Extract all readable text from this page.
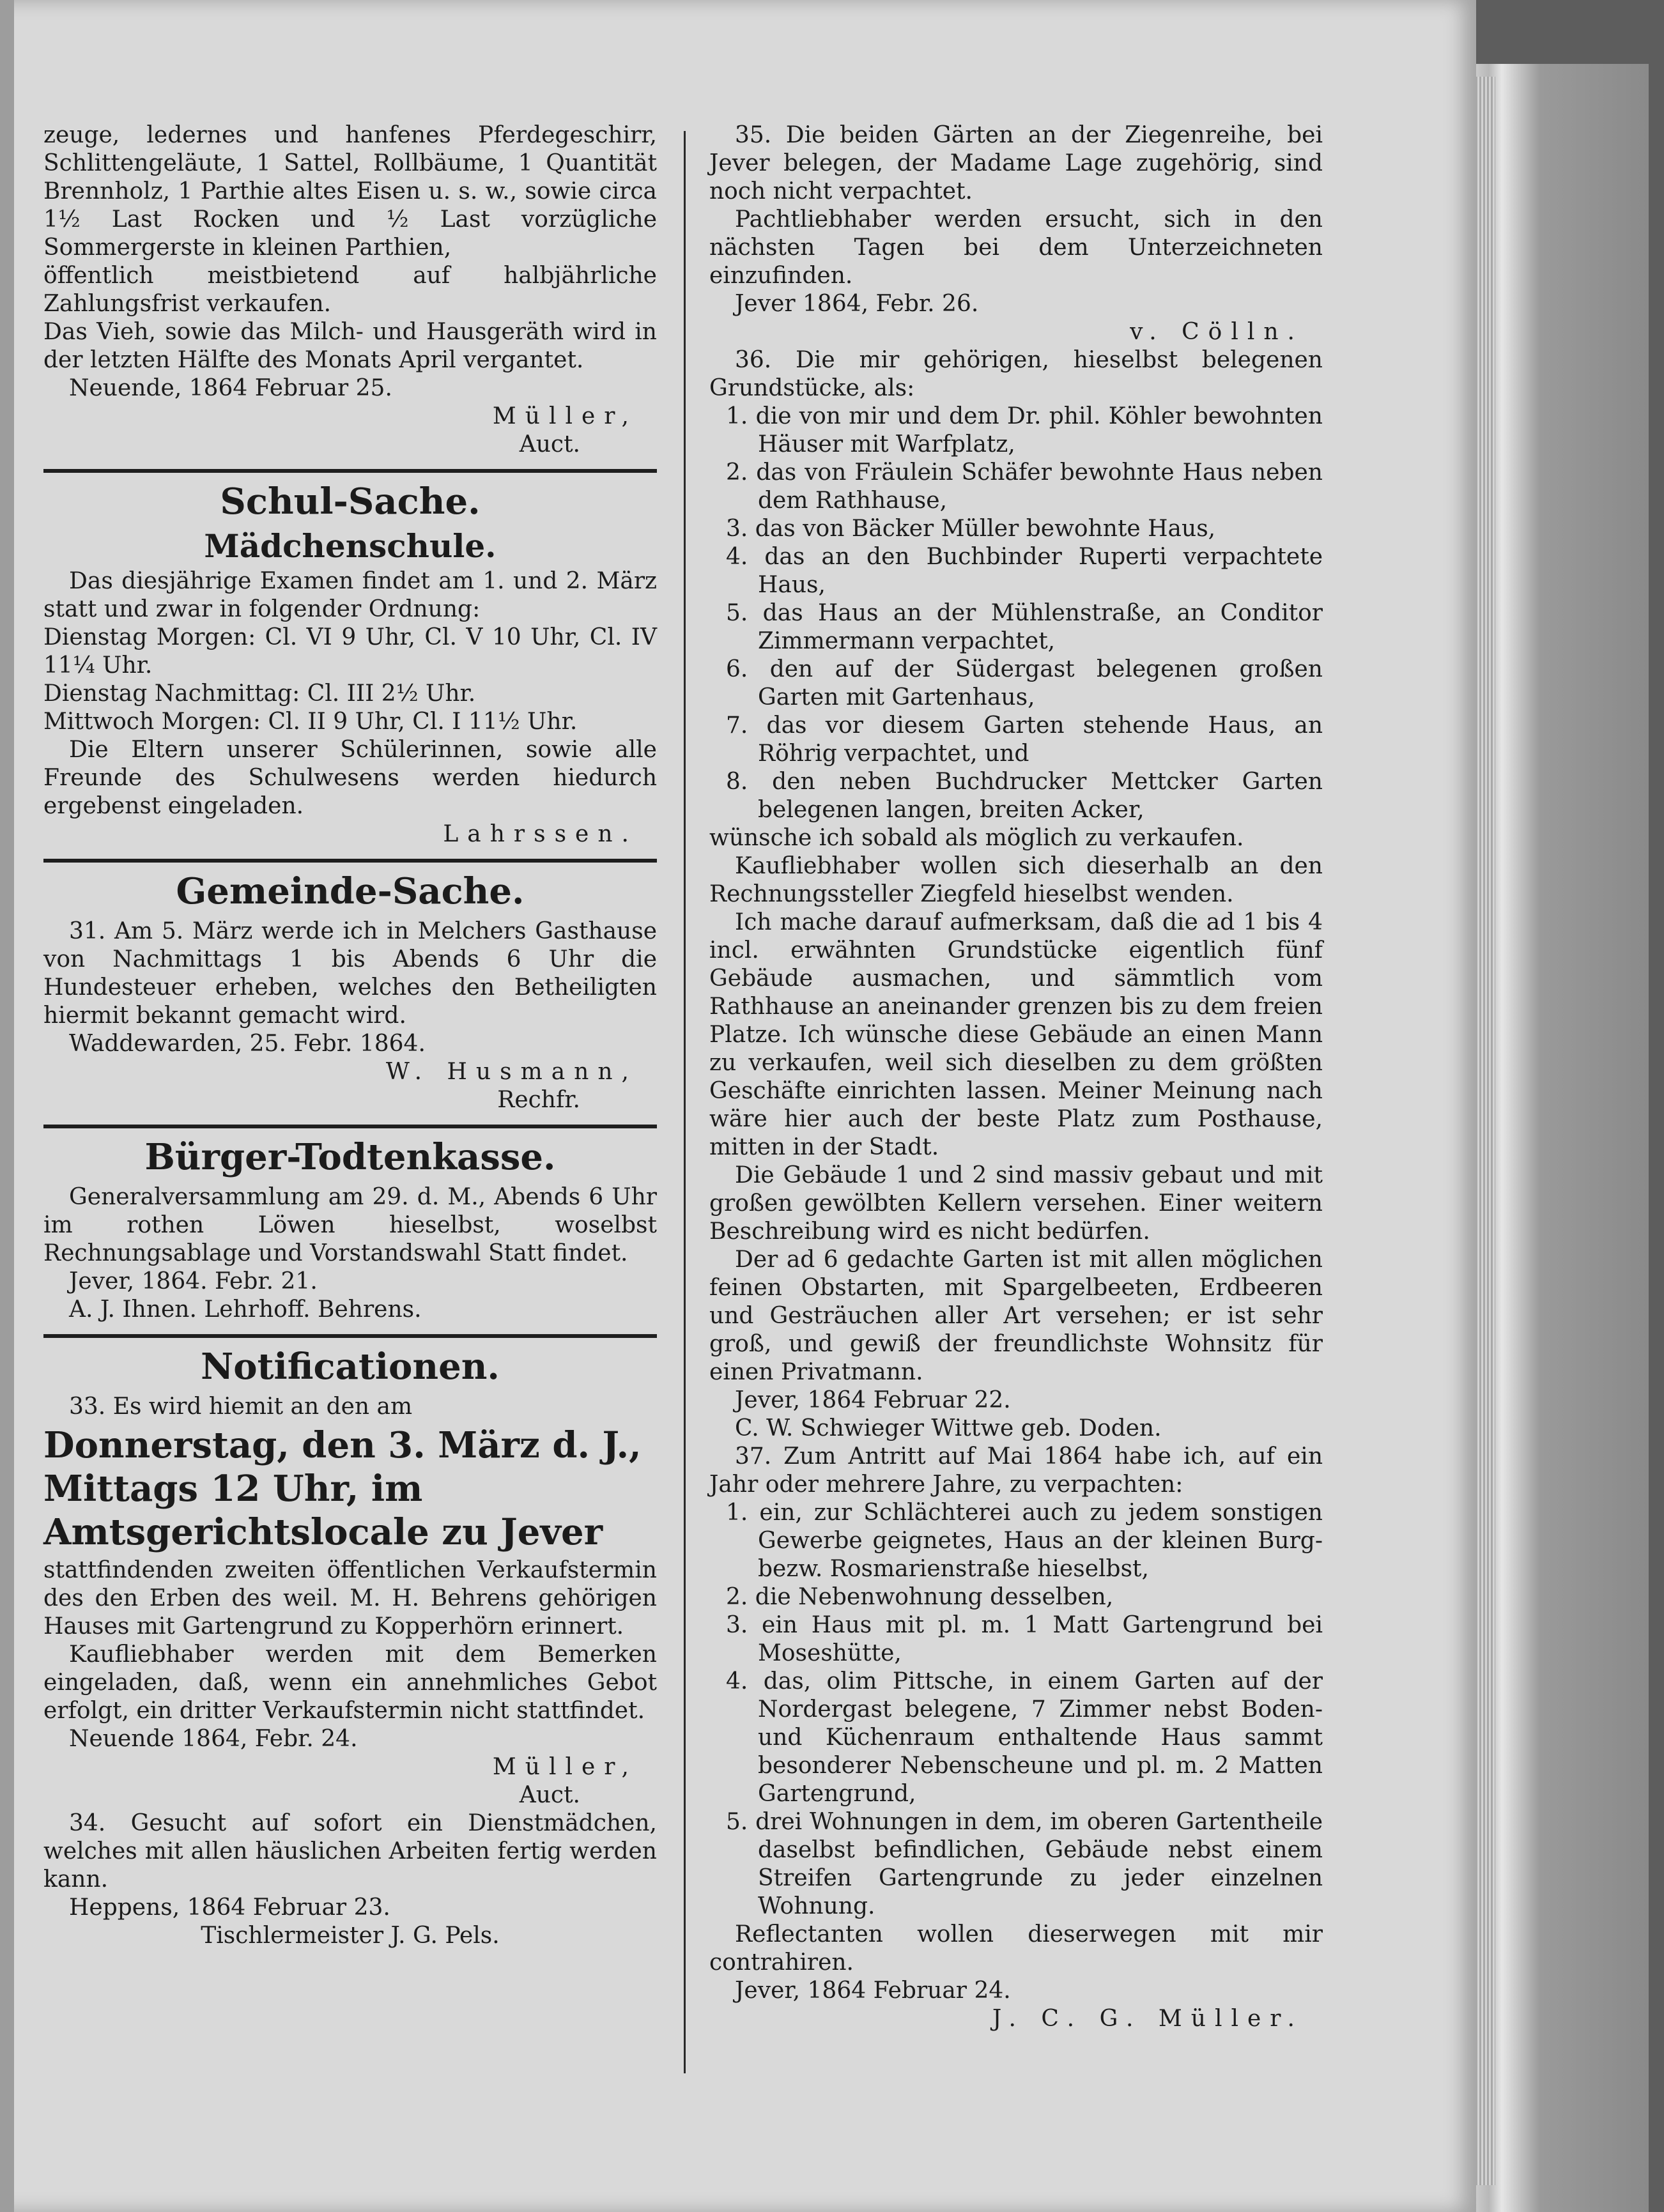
zeuge, ledernes und hanfenes Pferdegeschirr, Schlittengeläute, 1 Sattel, Rollbäume, 1 Quantität Brennholz, 1 Parthie altes Eisen u. s. w., sowie circa 1½ Last Rocken und ½ Last vorzügliche Sommergerste in kleinen Parthien,

öffentlich meistbietend auf halbjährliche Zahlungsfrist verkaufen.

Das Vieh, sowie das Milch- und Hausgeräth wird in der letzten Hälfte des Monats April vergantet.

Neuende, 1864 Februar 25.

Müller,

Auct.

Schul-Sache.
Mädchenschule.

Das diesjährige Examen findet am 1. und 2. März statt und zwar in folgender Ordnung:

Dienstag Morgen: Cl. VI 9 Uhr, Cl. V 10 Uhr, Cl. IV 11¼ Uhr.

Dienstag Nachmittag: Cl. III 2½ Uhr.

Mittwoch Morgen: Cl. II 9 Uhr, Cl. I 11½ Uhr.

Die Eltern unserer Schülerinnen, sowie alle Freunde des Schulwesens werden hiedurch ergebenst eingeladen.

Lahrssen.

Gemeinde-Sache.

31. Am 5. März werde ich in Melchers Gasthause von Nachmittags 1 bis Abends 6 Uhr die Hundesteuer erheben, welches den Betheiligten hiermit bekannt gemacht wird.

Waddewarden, 25. Febr. 1864.

W. Husmann,

Rechfr.

Bürger-Todtenkasse.

Generalversammlung am 29. d. M., Abends 6 Uhr im rothen Löwen hieselbst, woselbst Rechnungsablage und Vorstandswahl Statt findet.

Jever, 1864. Febr. 21.

A. J. Ihnen. Lehrhoff. Behrens.

Notificationen.

33. Es wird hiemit an den am

Donnerstag, den 3. März d. J., Mittags 12 Uhr, im Amtsgerichtslocale zu Jever

stattfindenden zweiten öffentlichen Verkaufstermin des den Erben des weil. M. H. Behrens gehörigen Hauses mit Gartengrund zu Kopperhörn erinnert.

Kaufliebhaber werden mit dem Bemerken eingeladen, daß, wenn ein annehmliches Gebot erfolgt, ein dritter Verkaufstermin nicht stattfindet.

Neuende 1864, Febr. 24.

Müller,

Auct.

34. Gesucht auf sofort ein Dienstmädchen, welches mit allen häuslichen Arbeiten fertig werden kann.

Heppens, 1864 Februar 23.

Tischlermeister J. G. Pels.

35. Die beiden Gärten an der Ziegenreihe, bei Jever belegen, der Madame Lage zugehörig, sind noch nicht verpachtet.

Pachtliebhaber werden ersucht, sich in den nächsten Tagen bei dem Unterzeichneten einzufinden.

Jever 1864, Febr. 26.

v. Cölln.

36. Die mir gehörigen, hieselbst belegenen Grundstücke, als:

1. die von mir und dem Dr. phil. Köhler bewohnten Häuser mit Warfplatz,

2. das von Fräulein Schäfer bewohnte Haus neben dem Rathhause,

3. das von Bäcker Müller bewohnte Haus,

4. das an den Buchbinder Ruperti verpachtete Haus,

5. das Haus an der Mühlenstraße, an Conditor Zimmermann verpachtet,

6. den auf der Südergast belegenen großen Garten mit Gartenhaus,

7. das vor diesem Garten stehende Haus, an Röhrig verpachtet, und

8. den neben Buchdrucker Mettcker Garten belegenen langen, breiten Acker,

wünsche ich sobald als möglich zu verkaufen.

Kaufliebhaber wollen sich dieserhalb an den Rechnungssteller Ziegfeld hieselbst wenden.

Ich mache darauf aufmerksam, daß die ad 1 bis 4 incl. erwähnten Grundstücke eigentlich fünf Gebäude ausmachen, und sämmtlich vom Rathhause an aneinander grenzen bis zu dem freien Platze. Ich wünsche diese Gebäude an einen Mann zu verkaufen, weil sich dieselben zu dem größten Geschäfte einrichten lassen. Meiner Meinung nach wäre hier auch der beste Platz zum Posthause, mitten in der Stadt.

Die Gebäude 1 und 2 sind massiv gebaut und mit großen gewölbten Kellern versehen. Einer weitern Beschreibung wird es nicht bedürfen.

Der ad 6 gedachte Garten ist mit allen möglichen feinen Obstarten, mit Spargelbeeten, Erdbeeren und Gesträuchen aller Art versehen; er ist sehr groß, und gewiß der freundlichste Wohnsitz für einen Privatmann.

Jever, 1864 Februar 22.

C. W. Schwieger Wittwe geb. Doden.

37. Zum Antritt auf Mai 1864 habe ich, auf ein Jahr oder mehrere Jahre, zu verpachten:

1. ein, zur Schlächterei auch zu jedem sonstigen Gewerbe geignetes, Haus an der kleinen Burg- bezw. Rosmarienstraße hieselbst,

2. die Nebenwohnung desselben,

3. ein Haus mit pl. m. 1 Matt Gartengrund bei Moseshütte,

4. das, olim Pittsche, in einem Garten auf der Nordergast belegene, 7 Zimmer nebst Boden- und Küchenraum enthaltende Haus sammt besonderer Nebenscheune und pl. m. 2 Matten Gartengrund,

5. drei Wohnungen in dem, im oberen Gartentheile daselbst befindlichen, Gebäude nebst einem Streifen Gartengrunde zu jeder einzelnen Wohnung.

Reflectanten wollen dieserwegen mit mir contrahiren.

Jever, 1864 Februar 24.

J. C. G. Müller.
